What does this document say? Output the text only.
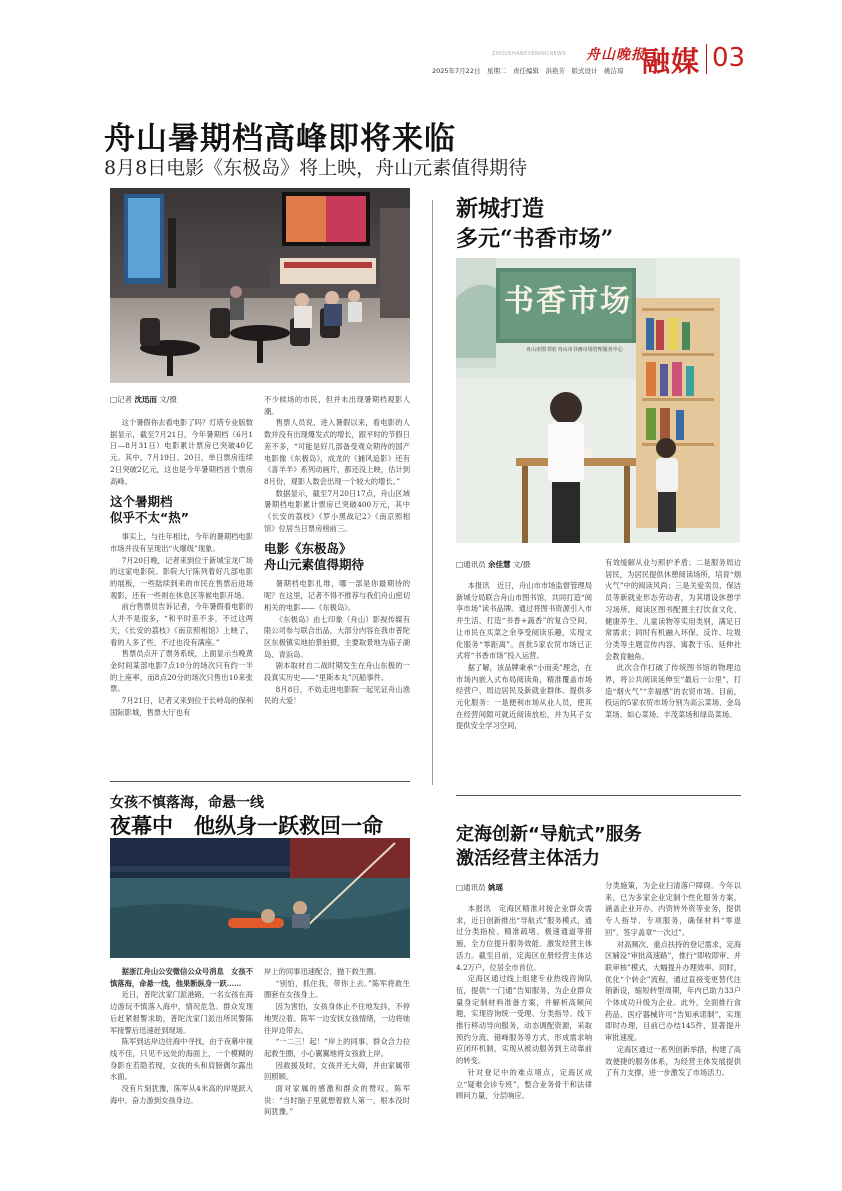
2025年7月22日　星期二　责任编辑　洪艳芳　版式设计　姚洁琼
ZHOUSHANEVENINGNEWS 舟山晚报
融媒 03
舟山暑期档高峰即将来临
8月8日电影《东极岛》将上映，舟山元素值得期待
□记者 沈迅而 文/摄

这个暑假你去看电影了吗？灯塔专业版数据显示，截至7月21日，今年暑期档（6月1日—8月31日）电影累计票房已突破40亿元。其中，7月19日、20日，单日票房连续2日突破2亿元，这也是今年暑期档首个票房高峰。

这个暑期档
似乎不太“热”

事实上，与往年相比，今年的暑期档电影市场并没有呈现出“火爆级”现象。

7月20日晚，记者来到位于新城宝龙广场的这家电影院。影院大厅陈列着好几部电影的展板，一些陆续到来的市民在售票后进场观影，还有一些则在休息区等候电影开场。

前台售票员告诉记者，今年暑假看电影的人并不是很多，“和平时差不多，不过这两天，《长安的荔枝》《南京照相馆》上映了，看的人多了些，不过也没有满座。”

售票员点开了票务系统，上面显示当晚黄金时间某部电影7点10分的场次只有约一半的上座率，而8点20分的场次只售出10来张票。

7月21日，记者又来到位于长峙岛的保利国际影城，售票大厅也有

不少候场的市民，但并未出现暑期档观影人潮。

售票人员说，进入暑假以来，看电影的人数并没有出现爆发式的增长，跟平时的节假日差不多，“可能是好几部备受观众期待的国产电影像《东极岛》，成龙的《捕风追影》还有《喜羊羊》系列动画片，都还没上映，估计到8月份，观影人数会出现一个较大的增长。”

数据显示，截至7月20日17点，舟山区域暑期档电影累计票房已突破400万元，其中《长安的荔枝》《罗小黑战记2》《南京照相馆》位居当日票房榜前三。

电影《东极岛》
舟山元素值得期待

暑期档电影扎堆，哪一部是你最期待的呢？在这里，记者不得不推荐与我们舟山密切相关的电影——《东极岛》。

《东极岛》由七印象（舟山）影视传媒有限公司参与联合出品，大部分内容在我市普陀区东极镇实地拍景拍摄，主要取景地为庙子湖岛、青浜岛。

剧本取材自二战时期发生在舟山东极的一段真实历史——“里斯本丸”沉船事件。

8月8日，不妨走进电影院一起见证舟山渔民的大爱！

新城打造
多元“书香市场”
书香市场
舟山市图书馆 舟山市书画市场管理服务中心
□通讯员 余佳慧 文/摄

本报讯　近日，舟山市市场监督管理局新城分局联合舟山市图书馆，共同打造“阅享市场”读书品牌。通过将图书资源引入市井生活，打造“书香+蔬香”的复合空间，让市民在买菜之余享受阅读乐趣，实现文化服务“零距离”。首批5家农贸市场已正式将“书香市场”投入运营。

据了解，该品牌秉承“小而美”理念，在市场内嵌入式布局阅读角，精准覆盖市场经营户、周边居民及新就业群体。提供多元化服务：一是便利市场从业人员，使其在经营间隙可就近阅读放松，并为其子女提供安全学习空间，

有效缓解从业与照护矛盾；二是服务周边居民，为居民提供休憩阅读场所，培育“烟火气”中的阅读风尚；三是关爱卖员、保洁员等新就业形态劳动者，为其增设休憩学习场所。阅读区图书配置主打饮食文化、健康养生、儿童读物等实用类别，满足日常需求；同时有机融入环保、反诈、垃圾分类等主题宣传内容，寓教于乐，延伸社会教育触角。

此次合作打破了传统图书馆的物理边界，将公共阅读延伸至“最后一公里”，打造“烟火气”“幸福感”的农贸市场。目前，投运的5家农贸市场分别为高云菜场、金岛菜场、如心菜场、丰茂菜场和绿岛菜场。

女孩不慎落海，命悬一线
夜幕中　他纵身一跃救回一命

据浙江舟山公安微信公众号消息　女孩不慎落海，命悬一线，他果断纵身一跃……

近日，普陀沈家门派港路，一名女孩在海边游玩不慎落入海中，情况危急。群众发现后赶紧报警求助，普陀沈家门派出所民警陈军接警后迅速赶到现场。

陈军到达岸边往海中寻找，由于夜幕中视线不佳，只见不远处的海面上，一个模糊的身影在若隐若现，女孩的头和肩膀偶尔露出水面。

没有片刻犹豫，陈军从4米高的岸堤跃入海中，奋力游到女孩身边。

岸上的同事迅速配合，抛下救生圈。

“别怕，抓住我，带你上去。”陈军将救生圈套在女孩身上。

因为害怕，女孩身体止不住地发抖，不停地哭泣着。陈军一边安抚女孩情绪，一边将她往岸边带去。

“一二三！起！”岸上的同事、群众合力拉起救生圈，小心翼翼地将女孩救上岸。

因救援及时，女孩并无大碍，并由家属带回照顾。

面对家属的感激和群众的赞叹，陈军说：“当时脑子里就想着救人第一，根本没时间犹豫。”

定海创新“导航式”服务
激活经营主体活力
□通讯员 姚瑶

本报讯　定海区精准对接企业群众需求，近日创新推出“导航式”服务模式，通过分类指检、精准疏堵、极速通道等措施，全方位提升服务效能、激发经营主体活力。截至目前，定海区在册经营主体达4.2万户，位居全市首位。

定海区通过线上组建专业热线咨询队伍，提供“一门通”告知服务，为企业群众量身定制材料准备方案，并解析高频问题，实现咨询统一受理、分类指导。线下推行移动导向服务，动态调配资源，采取预约分流、错峰服务等方式，形成需求响应闭环机制，实现从被动服务到主动靠前的转变。

针对登记中的难点堵点，定海区成立“疑难会诊专班”，整合业务骨干和法律顾问力量，分层响应、

分类施策，为企业扫清落户障碍。今年以来，已为多家企业定制个性化服务方案，涵盖企业开办、内资转外资等业务，提供专人指导、专项服务，确保材料“零退回”、签字盖章“一次过”。

对高频次、重点扶持的登记需求，定海区辅设“审批高速路”，推行“即收即审、并联审核”模式，大幅提升办理效率。同时，优化“个转企”流程，通过直接变更替代注销新设，缩短转型周期，年内已助力33户个体成功升级为企业。此外，全面推行食药品、医疗器械许可“告知承诺制”，实现即时办理，目前已办结145件，显著提升审批速度。

定海区通过一系列创新举措，构建了高效便捷的服务体系，为经营主体发展提供了有力支撑，进一步激发了市场活力。
